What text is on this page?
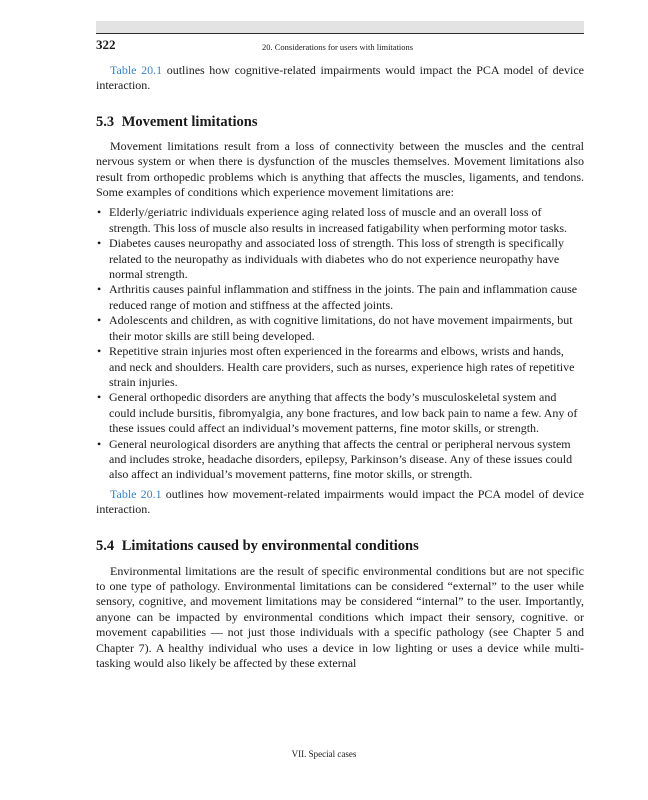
322	20. Considerations for users with limitations

Table 20.1 outlines how cognitive-related impairments would impact the PCA model of device interaction.

5.3 Movement limitations

Movement limitations result from a loss of connectivity between the muscles and the central nervous system or when there is dysfunction of the muscles themselves. Movement limitations also result from orthopedic problems which is anything that affects the muscles, ligaments, and tendons. Some examples of conditions which experience movement limitations are:

• Elderly/geriatric individuals experience aging related loss of muscle and an overall loss of strength. This loss of muscle also results in increased fatigability when performing motor tasks.
• Diabetes causes neuropathy and associated loss of strength. This loss of strength is specifically related to the neuropathy as individuals with diabetes who do not experience neuropathy have normal strength.
• Arthritis causes painful inflammation and stiffness in the joints. The pain and inflammation cause reduced range of motion and stiffness at the affected joints.
• Adolescents and children, as with cognitive limitations, do not have movement impairments, but their motor skills are still being developed.
• Repetitive strain injuries most often experienced in the forearms and elbows, wrists and hands, and neck and shoulders. Health care providers, such as nurses, experience high rates of repetitive strain injuries.
• General orthopedic disorders are anything that affects the body’s musculoskeletal system and could include bursitis, fibromyalgia, any bone fractures, and low back pain to name a few. Any of these issues could affect an individual’s movement patterns, fine motor skills, or strength.
• General neurological disorders are anything that affects the central or peripheral nervous system and includes stroke, headache disorders, epilepsy, Parkinson’s disease. Any of these issues could also affect an individual’s movement patterns, fine motor skills, or strength.

Table 20.1 outlines how movement-related impairments would impact the PCA model of device interaction.

5.4 Limitations caused by environmental conditions

Environmental limitations are the result of specific environmental conditions but are not specific to one type of pathology. Environmental limitations can be considered “external” to the user while sensory, cognitive, and movement limitations may be considered “internal” to the user. Importantly, anyone can be impacted by environmental conditions which impact their sensory, cognitive. or movement capabilities — not just those individuals with a specific pathology (see Chapter 5 and Chapter 7). A healthy individual who uses a device in low lighting or uses a device while multi-tasking would also likely be affected by these external

VII. Special cases
